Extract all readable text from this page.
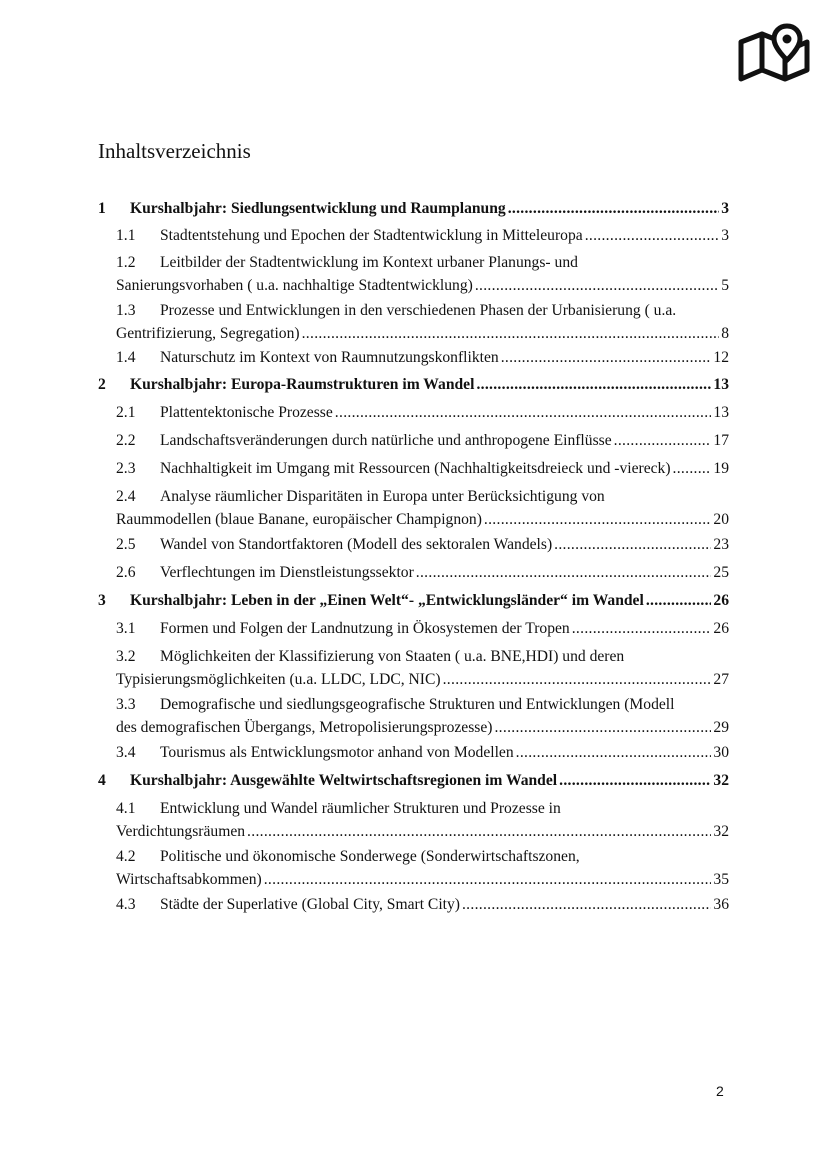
Inhaltsverzeichnis
1	Kurshalbjahr: Siedlungsentwicklung und Raumplanung .....	3
1.1	Stadtentstehung und Epochen der Stadtentwicklung in Mitteleuropa .....	3
1.2	Leitbilder der Stadtentwicklung im Kontext urbaner Planungs- und
Sanierungsvorhaben ( u.a. nachhaltige Stadtentwicklung) .....	5
1.3	Prozesse und Entwicklungen in den verschiedenen Phasen der Urbanisierung ( u.a.
Gentrifizierung, Segregation) .....	8
1.4	Naturschutz im Kontext von Raumnutzungskonflikten .....	12
2	Kurshalbjahr: Europa-Raumstrukturen im Wandel .....	13
2.1	Plattentektonische Prozesse .....	13
2.2	Landschaftsveränderungen durch natürliche und anthropogene Einflüsse .....	17
2.3	Nachhaltigkeit im Umgang mit Ressourcen (Nachhaltigkeitsdreieck und -viereck) .....	19
2.4	Analyse räumlicher Disparitäten in Europa unter Berücksichtigung von
Raummodellen (blaue Banane, europäischer Champignon) .....	20
2.5	Wandel von Standortfaktoren (Modell des sektoralen Wandels) .....	23
2.6	Verflechtungen im Dienstleistungssektor .....	25
3	Kurshalbjahr: Leben in der „Einen Welt“- „Entwicklungsländer“ im Wandel .....	26
3.1	Formen und Folgen der Landnutzung in Ökosystemen der Tropen .....	26
3.2	Möglichkeiten der Klassifizierung von Staaten ( u.a. BNE,HDI) und deren
Typisierungsmöglichkeiten (u.a. LLDC, LDC, NIC) .....	27
3.3	Demografische und siedlungsgeografische Strukturen und Entwicklungen (Modell
des demografischen Übergangs, Metropolisierungsprozesse) .....	29
3.4	Tourismus als Entwicklungsmotor anhand von Modellen .....	30
4	Kurshalbjahr: Ausgewählte Weltwirtschaftsregionen im Wandel .....	32
4.1	Entwicklung und Wandel räumlicher Strukturen und Prozesse in
Verdichtungsräumen .....	32
4.2	Politische und ökonomische Sonderwege (Sonderwirtschaftszonen,
Wirtschaftsabkommen) .....	35
4.3	Städte der Superlative (Global City, Smart City) .....	36
2
